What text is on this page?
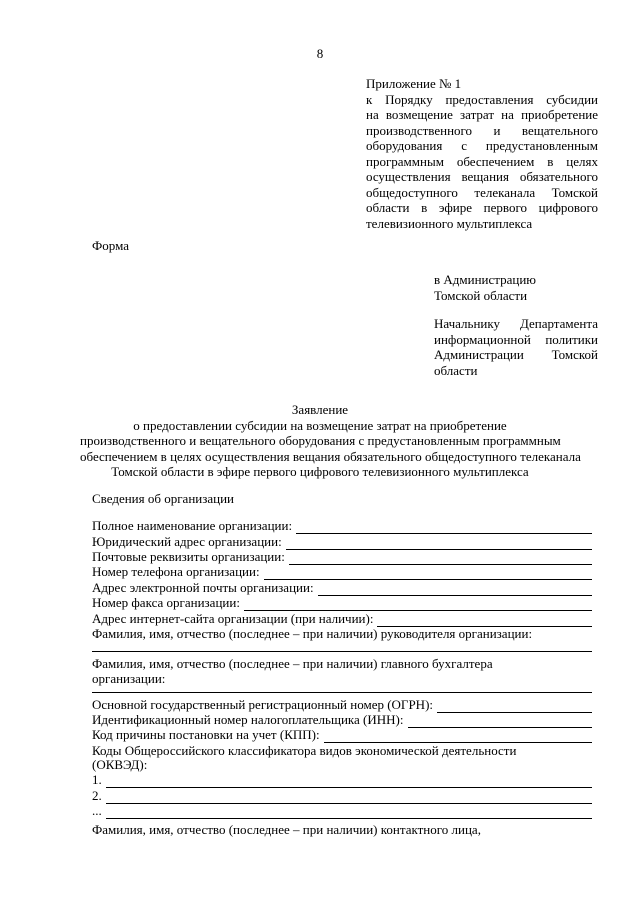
8
Приложение № 1
к Порядку предоставления субсидии
на возмещение затрат на приобретение
производственного и вещательного
оборудования с предустановленным
программным обеспечением в целях
осуществления вещания обязательного
общедоступного телеканала Томской
области в эфире первого цифрового
телевизионного мультиплекса
Форма
в Администрацию
Томской области
Начальнику Департамента
информационной политики
Администрации Томской
области
Заявление
о предоставлении субсидии на возмещение затрат на приобретение
производственного и вещательного оборудования с предустановленным программным
обеспечением в целях осуществления вещания обязательного общедоступного телеканала
Томской области в эфире первого цифрового телевизионного мультиплекса
Сведения об организации
Полное наименование организации:
Юридический адрес организации:
Почтовые реквизиты организации:
Номер телефона организации:
Адрес электронной почты организации:
Номер факса организации:
Адрес интернет-сайта организации (при наличии):
Фамилия, имя, отчество (последнее – при наличии) руководителя организации:
Фамилия, имя, отчество (последнее – при наличии) главного бухгалтера
организации:
Основной государственный регистрационный номер (ОГРН):
Идентификационный номер налогоплательщика (ИНН):
Код причины постановки на учет (КПП):
Коды Общероссийского классификатора видов экономической деятельности
(ОКВЭД):
1.
2.
...
Фамилия, имя, отчество (последнее – при наличии) контактного лица,
